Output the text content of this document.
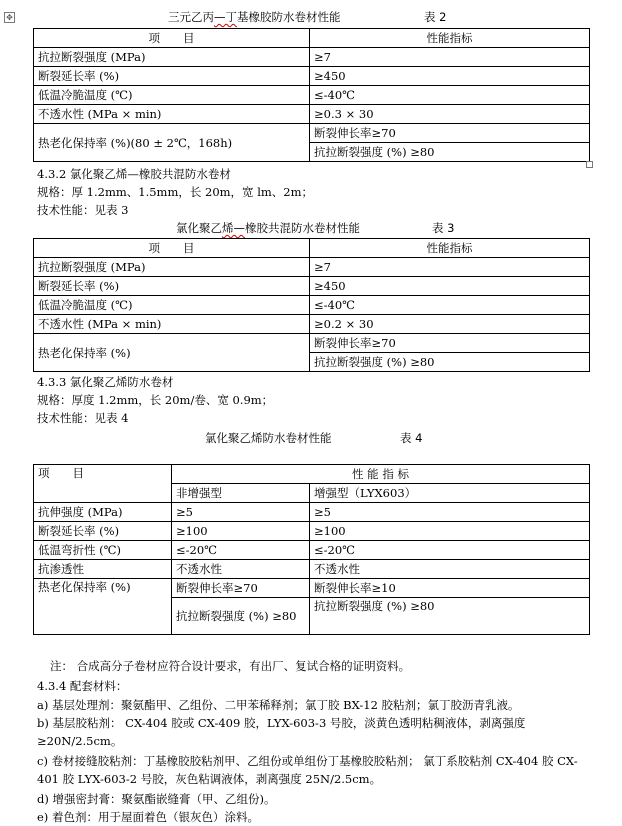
✥	三元乙丙—丁基橡胶防水卷材性能	表 2
项　　目	性能指标
抗拉断裂强度 (MPa)	≥7
断裂延长率 (%)	≥450
低温冷脆温度 (℃)	≤-40℃
不透水性 (MPa × min)	≥0.3 × 30
热老化保持率 (%)(80 ± 2℃，168h)	断裂伸长率≥70
	抗拉断裂强度 (%) ≥80

4.3.2 氯化聚乙烯—橡胶共混防水卷材

规格：厚 1.2mm、1.5mm，长 20m，宽 lm、2m；

技术性能：见表 3

氯化聚乙烯—橡胶共混防水卷材性能	表 3
项　　目	性能指标
抗拉断裂强度 (MPa)	≥7
断裂延长率 (%)	≥450
低温冷脆温度 (℃)	≤-40℃
不透水性 (MPa × min)	≥0.2 × 30
热老化保持率 (%)	断裂伸长率≥70
	抗拉断裂强度 (%) ≥80

4.3.3 氯化聚乙烯防水卷材

规格：厚度 1.2mm，长 20m/卷、宽 0.9m；

技术性能：见表 4

氯化聚乙烯防水卷材性能	表 4
项　　目	性 能 指 标	
	非增强型	增强型（LYX603）
抗伸强度 (MPa)	≥5	≥5
断裂延长率 (%)	≥100	≥100
低温弯折性 (℃)	≤-20℃	≤-20℃
抗渗透性	不透水性	不透水性
热老化保持率 (%)	断裂伸长率≥70	断裂伸长率≥10
	抗拉断裂强度 (%) ≥80	抗拉断裂强度 (%) ≥80

注： 合成高分子卷材应符合设计要求，有出厂、复试合格的证明资料。

4.3.4 配套材料：

a) 基层处理剂：聚氨酯甲、乙组份、二甲苯稀释剂；氯丁胶 BX-12 胶粘剂；氯丁胶沥青乳液。
b) 基层胶粘剂： CX-404 胶或 CX-409 胶，LYX-603-3 号胶，淡黄色透明粘稠液体，剥离强度≥20N/2.5cm。
c) 卷材接缝胶粘剂：丁基橡胶胶粘剂甲、乙组份或单组份丁基橡胶胶粘剂； 氯丁系胶粘剂 CX-404 胶 CX-401 胶 LYX-603-2 号胶，灰色粘调液体，剥离强度 25N/2.5cm。
d) 增强密封膏：聚氨酯嵌缝膏（甲、乙组份)。
e) 着色剂：用于屋面着色（银灰色）涂料。
